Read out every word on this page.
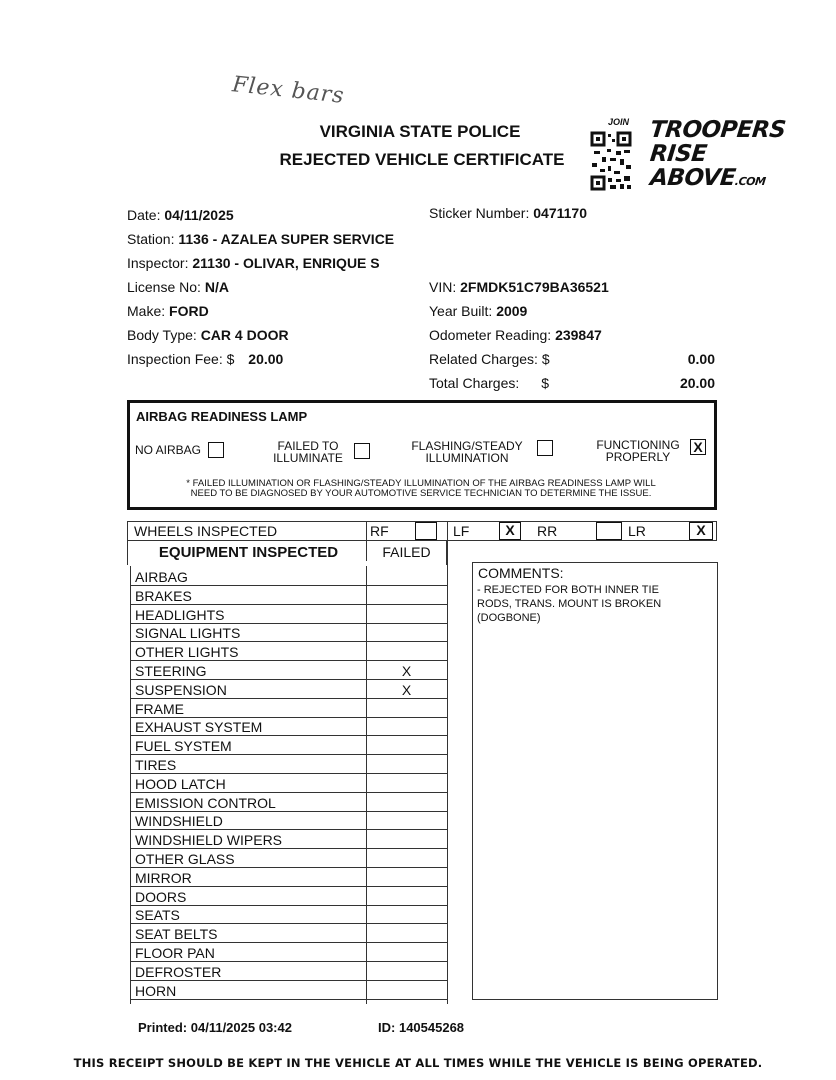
Flex bars
VIRGINIA STATE POLICE
REJECTED VEHICLE CERTIFICATE
JOIN TROOPERS
RISE
ABOVE.COM
Date: 04/11/2025
Station: 1136 - AZALEA SUPER SERVICE
Inspector: 21130 - OLIVAR, ENRIQUE S
License No: N/A
Make: FORD
Body Type: CAR 4 DOOR
Inspection Fee: $ 20.00
Sticker Number: 0471170
VIN: 2FMDK51C79BA36521
Year Built: 2009
Odometer Reading: 239847
Related Charges: $	0.00
Total Charges: $	20.00
AIRBAG READINESS LAMP
NO AIRBAG	FAILED TO
ILLUMINATE
FLASHING/STEADY
ILLUMINATION
FUNCTIONING
PROPERLY
X
* FAILED ILLUMINATION OR FLASHING/STEADY ILLUMINATION OF THE AIRBAG READINESS LAMP WILL
NEED TO BE DIAGNOSED BY YOUR AUTOMOTIVE SERVICE TECHNICIAN TO DETERMINE THE ISSUE.
WHEELS INSPECTED	RF	LF	X	RR	LR	X
EQUIPMENT INSPECTED	FAILED
AIRBAG
BRAKES
HEADLIGHTS
SIGNAL LIGHTS
OTHER LIGHTS
STEERING	X
SUSPENSION	X
FRAME
EXHAUST SYSTEM
FUEL SYSTEM
TIRES
HOOD LATCH
EMISSION CONTROL
WINDSHIELD
WINDSHIELD WIPERS
OTHER GLASS
MIRROR
DOORS
SEATS
SEAT BELTS
FLOOR PAN
DEFROSTER
HORN
COMMENTS:
- REJECTED FOR BOTH INNER TIE
RODS, TRANS. MOUNT IS BROKEN
(DOGBONE)
Printed: 04/11/2025 03:42	ID: 140545268
THIS RECEIPT SHOULD BE KEPT IN THE VEHICLE AT ALL TIMES WHILE THE VEHICLE IS BEING OPERATED.
